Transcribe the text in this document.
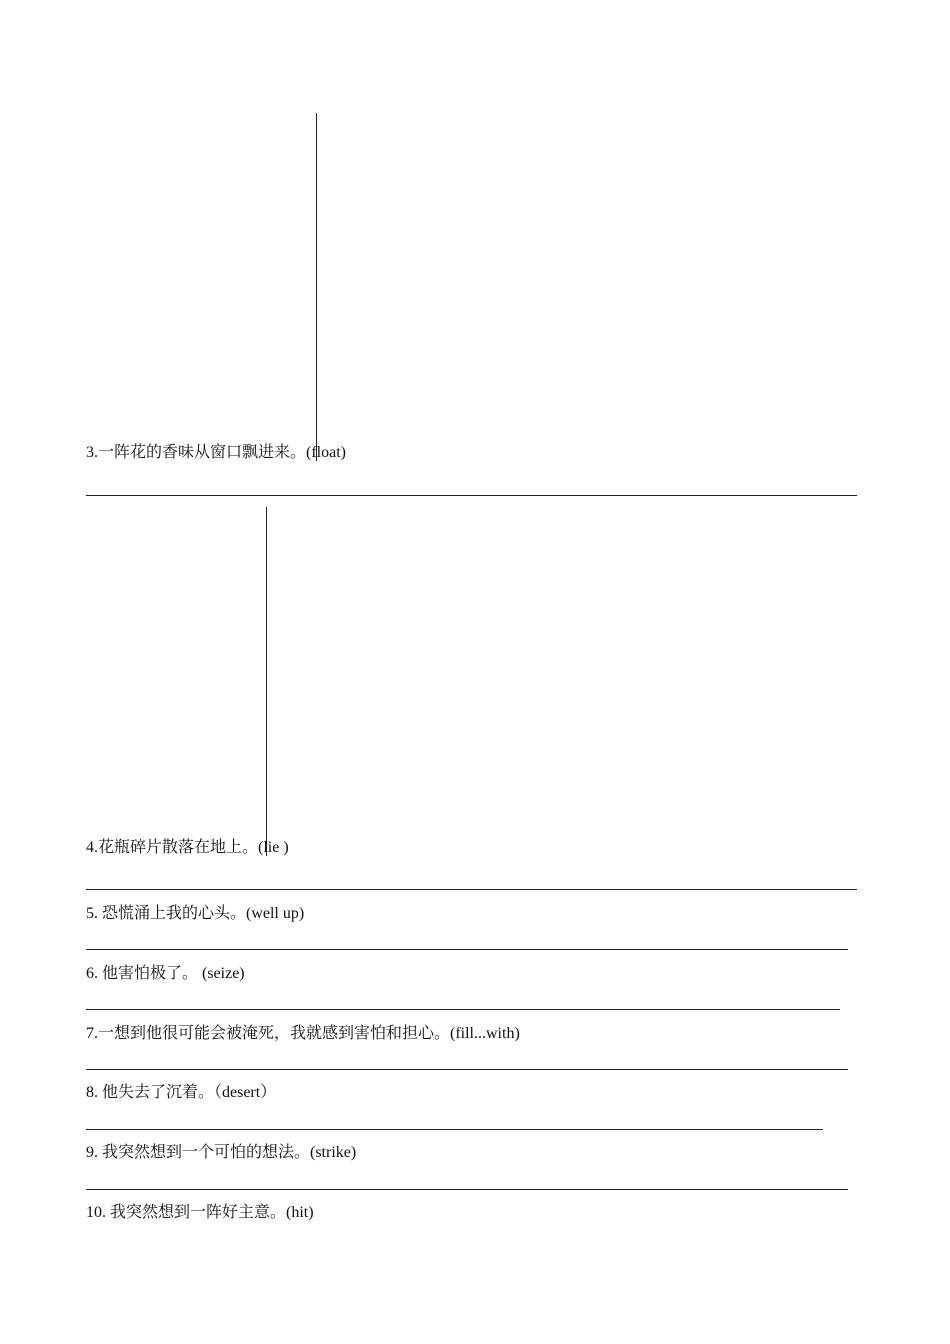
3.一阵花的香味从窗口飘进来。(float)
4.花瓶碎片散落在地上。(lie )
5. 恐慌涌上我的心头。(well up)
6. 他害怕极了。 (seize)
7.一想到他很可能会被淹死，我就感到害怕和担心。(fill...with)
8. 他失去了沉着。（desert）
9. 我突然想到一个可怕的想法。(strike)
10. 我突然想到一阵好主意。(hit)
